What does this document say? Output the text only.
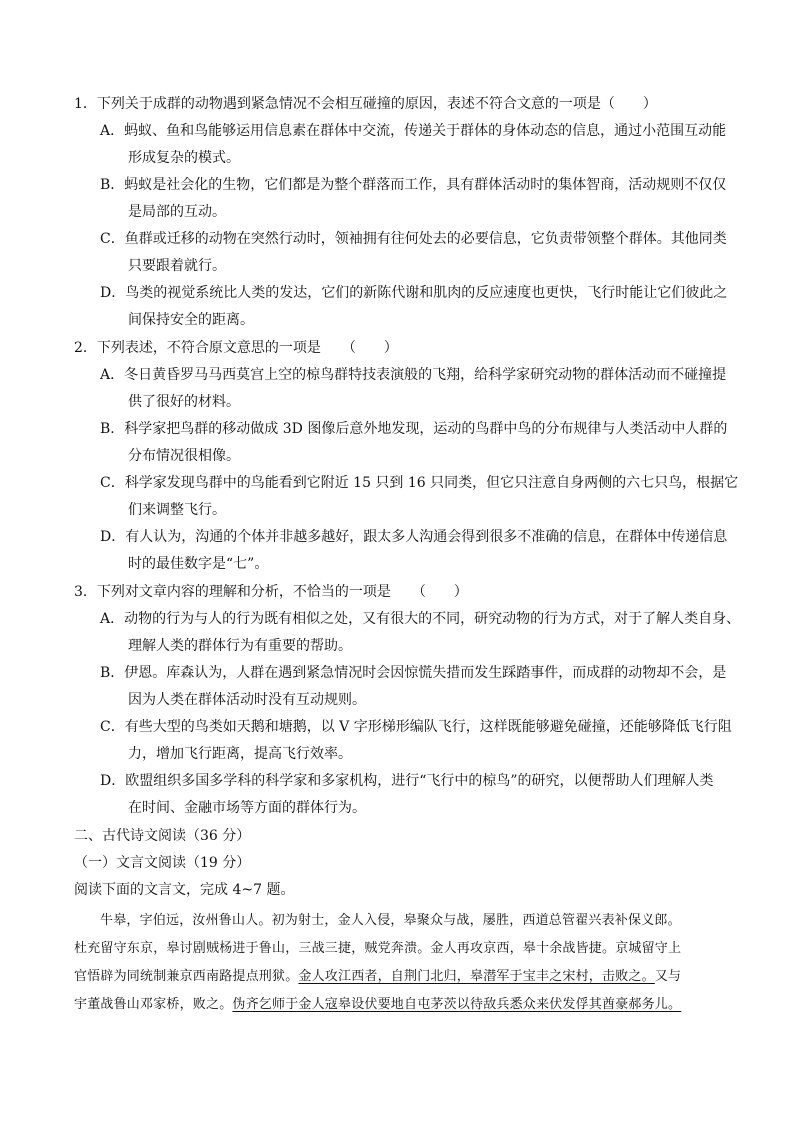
1．下列关于成群的动物遇到紧急情况不会相互碰撞的原因，表述不符合文意的一项是（　　）
A．蚂蚁、鱼和鸟能够运用信息素在群体中交流，传递关于群体的身体动态的信息，通过小范围互动能
形成复杂的模式。
B．蚂蚁是社会化的生物，它们都是为整个群落而工作，具有群体活动时的集体智商，活动规则不仅仅
是局部的互动。
C．鱼群或迁移的动物在突然行动时，领袖拥有往何处去的必要信息，它负责带领整个群体。其他同类
只要跟着就行。
D．鸟类的视觉系统比人类的发达，它们的新陈代谢和肌肉的反应速度也更快，飞行时能让它们彼此之
间保持安全的距离。
2．下列表述，不符合原文意思的一项是　　（　　）
A．冬日黄昏罗马马西莫宫上空的椋鸟群特技表演般的飞翔，给科学家研究动物的群体活动而不碰撞提
供了很好的材料。
B．科学家把鸟群的移动做成 3D 图像后意外地发现，运动的鸟群中鸟的分布规律与人类活动中人群的
分布情况很相像。
C．科学家发现鸟群中的鸟能看到它附近 15 只到 16 只同类，但它只注意自身两侧的六七只鸟，根据它
们来调整飞行。
D．有人认为，沟通的个体并非越多越好，跟太多人沟通会得到很多不准确的信息，在群体中传递信息
时的最佳数字是“七”。
3．下列对文章内容的理解和分析，不恰当的一项是　　（　　）
A．动物的行为与人的行为既有相似之处，又有很大的不同，研究动物的行为方式，对于了解人类自身、
理解人类的群体行为有重要的帮助。
B．伊恩。库森认为，人群在遇到紧急情况时会因惊慌失措而发生踩踏事件，而成群的动物却不会，是
因为人类在群体活动时没有互动规则。
C．有些大型的鸟类如天鹅和塘鹅，以 V 字形梯形编队飞行，这样既能够避免碰撞，还能够降低飞行阻
力，增加飞行距离，提高飞行效率。
D．欧盟组织多国多学科的科学家和多家机构，进行“飞行中的椋鸟”的研究，以便帮助人们理解人类
在时间、金融市场等方面的群体行为。
二、古代诗文阅读（36 分）
（一）文言文阅读（19 分）
阅读下面的文言文，完成 4~7 题。
牛皋，字伯远，汝州鲁山人。初为射士，金人入侵，皋聚众与战，屡胜，西道总管翟兴表补保义郎。
杜充留守东京，皋讨剧贼杨进于鲁山，三战三捷，贼党奔溃。金人再攻京西，皋十余战皆捷。京城留守上
官悟辟为同统制兼京西南路提点刑狱。金人攻江西者，自荆门北归，皋潜军于宝丰之宋村，击败之。又与
宇董战鲁山邓家桥，败之。伪齐乞师于金人寇皋设伏要地自屯茅茨以待敌兵悉众来伏发俘其酋豪郝务儿。
